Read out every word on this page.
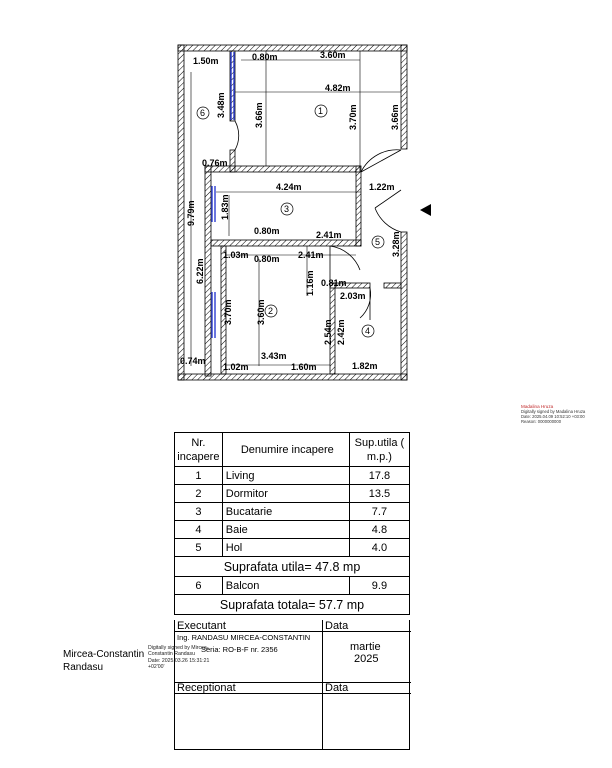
1
2
3
4
5
6
1.50m	0.80m	3.60m
4.82m
3.48m	3.66m	3.70m	3.66m
0.76m
4.24m	1.22m
1.83m
9.79m
0.80m	2.41m
2.41m	3.28m
1.03m 0.80m
6.22m	1.16m 0.81m
2.03m
3.70m	3.60m
2.54m 2.42m
0.74m	3.43m
1.02m	1.60m	1.82m
Madalina Hruza
Digitally signed by Madalina Hruza
Date: 2025.04.09 10:52:10 +03:00
Reason: 0000000000
Nr. incapere	Denumire incapere	Sup.utila ( m.p.)
1	Living	17.8
2	Dormitor	13.5
3	Bucatarie	7.7
4	Baie	4.8
5	Hol	4.0
Suprafata utila= 47.8 mp		
6	Balcon	9.9
Suprafata totala= 57.7 mp		
Executant	Data
Ing. RANDASU MIRCEA-CONSTANTIN
Seria: RO-B-F nr. 2356	martie
2025
Receptionat	Data
Mircea-Constantin
Randasu
Digitally signed by Mircea-
Constantin Randasu
Date: 2025.03.26 15:31:21
+02'00'
